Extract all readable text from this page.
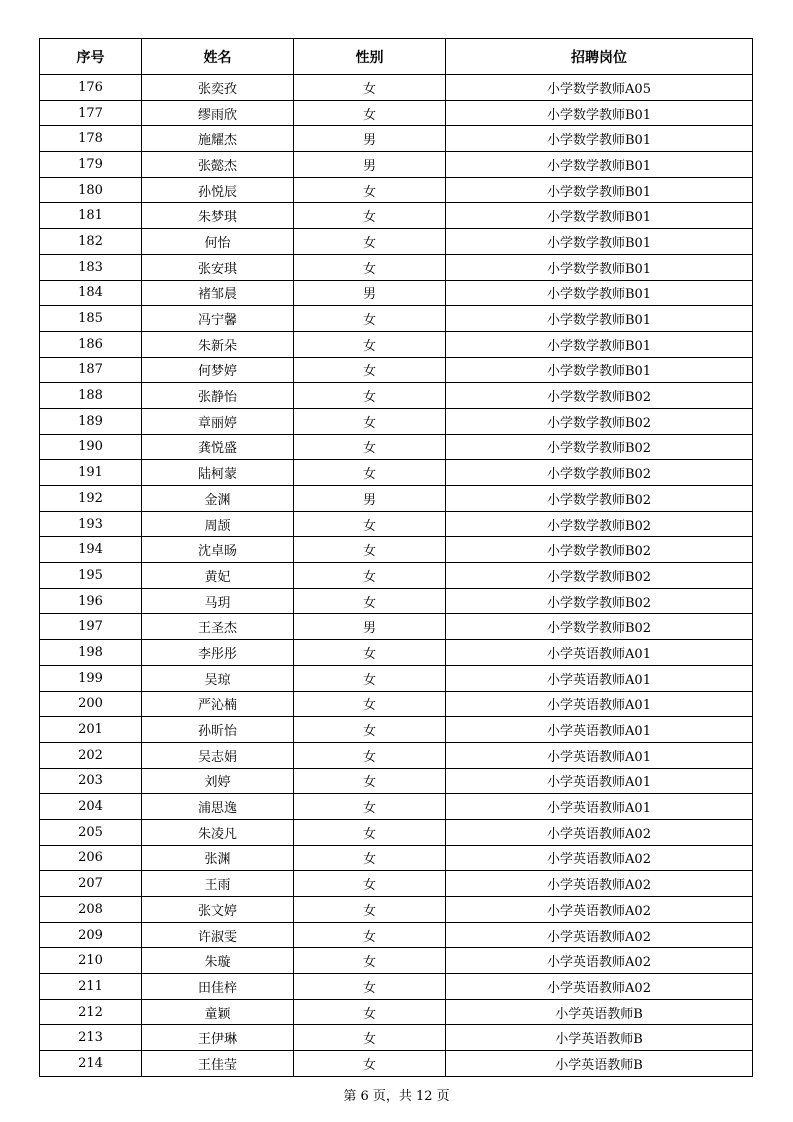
序号	姓名	性别	招聘岗位
176	张奕孜	女	小学数学教师A05
177	缪雨欣	女	小学数学教师B01
178	施耀杰	男	小学数学教师B01
179	张懿杰	男	小学数学教师B01
180	孙悦辰	女	小学数学教师B01
181	朱梦琪	女	小学数学教师B01
182	何怡	女	小学数学教师B01
183	张安琪	女	小学数学教师B01
184	褚邹晨	男	小学数学教师B01
185	冯宁馨	女	小学数学教师B01
186	朱新朵	女	小学数学教师B01
187	何梦婷	女	小学数学教师B01
188	张静怡	女	小学数学教师B02
189	章丽婷	女	小学数学教师B02
190	龚悦盛	女	小学数学教师B02
191	陆柯蒙	女	小学数学教师B02
192	金渊	男	小学数学教师B02
193	周颉	女	小学数学教师B02
194	沈卓旸	女	小学数学教师B02
195	黄妃	女	小学数学教师B02
196	马玥	女	小学数学教师B02
197	王圣杰	男	小学数学教师B02
198	李彤彤	女	小学英语教师A01
199	吴琼	女	小学英语教师A01
200	严沁楠	女	小学英语教师A01
201	孙昕怡	女	小学英语教师A01
202	吴志娟	女	小学英语教师A01
203	刘婷	女	小学英语教师A01
204	浦思逸	女	小学英语教师A01
205	朱凌凡	女	小学英语教师A02
206	张渊	女	小学英语教师A02
207	王雨	女	小学英语教师A02
208	张文婷	女	小学英语教师A02
209	许淑雯	女	小学英语教师A02
210	朱璇	女	小学英语教师A02
211	田佳梓	女	小学英语教师A02
212	童颖	女	小学英语教师B
213	王伊琳	女	小学英语教师B
214	王佳莹	女	小学英语教师B
第 6 页，共 12 页
